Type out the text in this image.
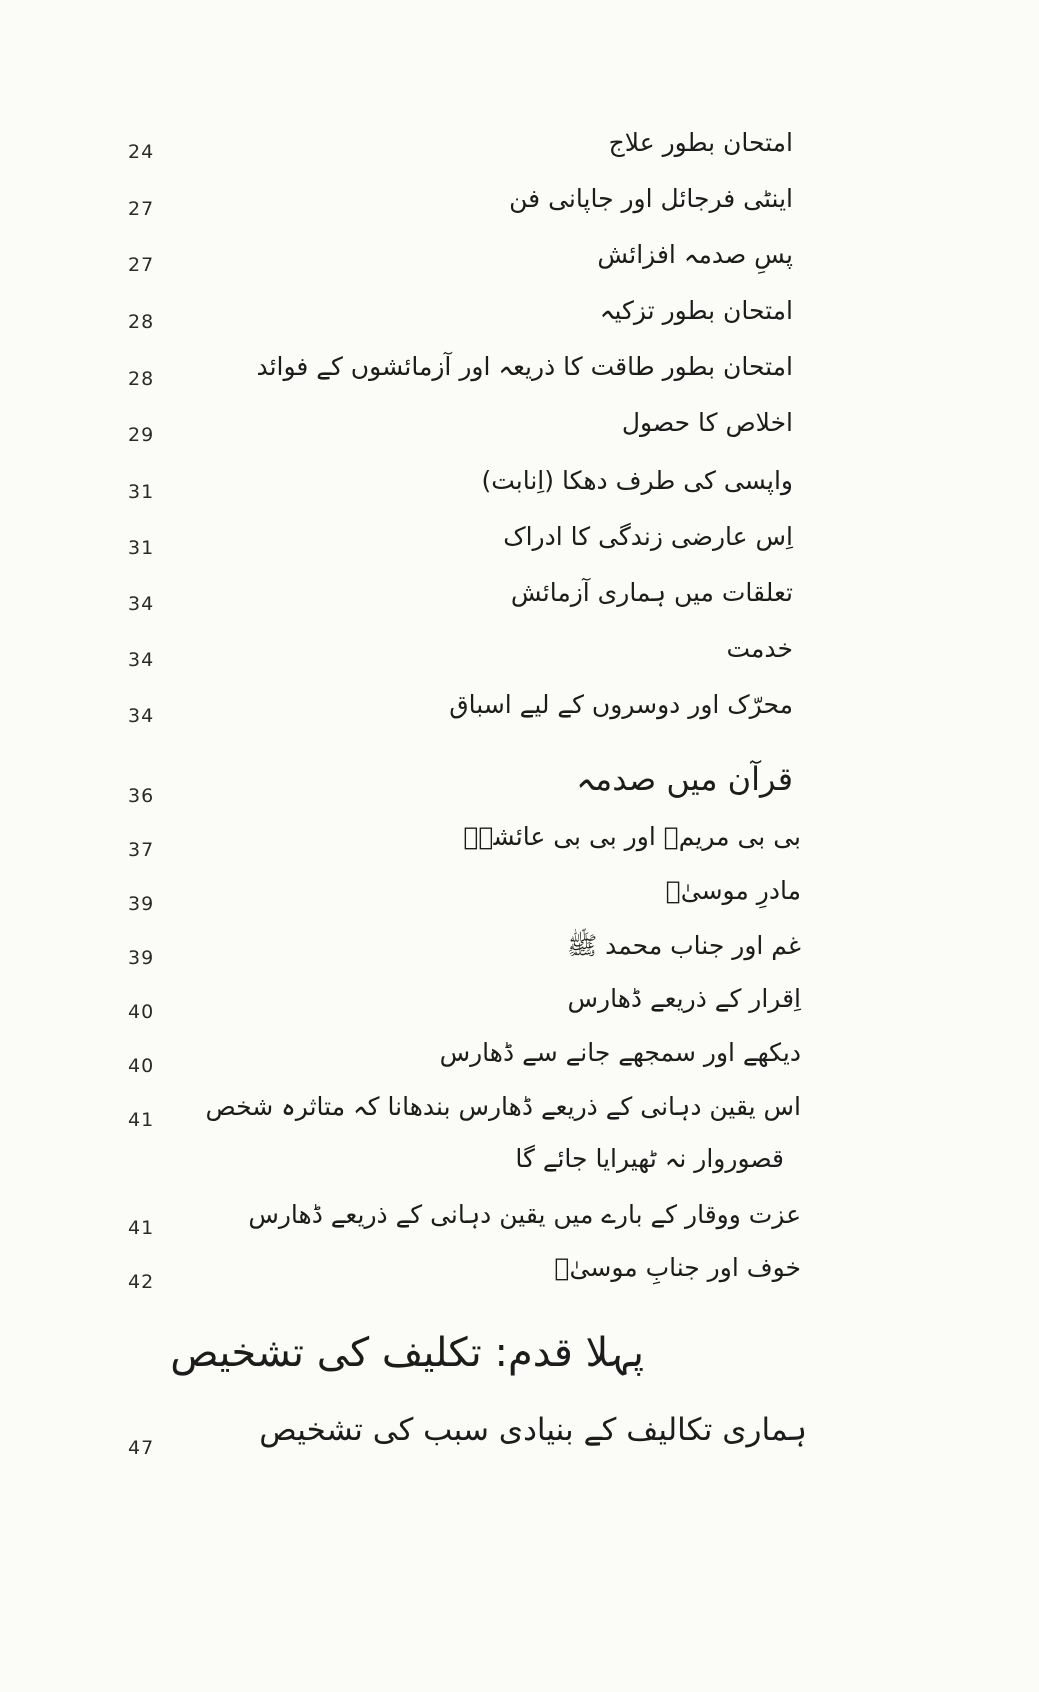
24	امتحان بطور علاج
27	اینٹی فرجائل اور جاپانی فن
27	پسِ صدمہ افزائش
28	امتحان بطور تزکیہ
28	امتحان بطور طاقت کا ذریعہ اور آزمائشوں کے فوائد
29	اخلاص کا حصول
31	واپسی کی طرف دھکا (اِنابت)
31	اِس عارضی زندگی کا ادراک
34	تعلقات میں ہماری آزمائش
34	خدمت
34	محرّک اور دوسروں کے لیے اسباق
36	قرآن میں صدمہ
37	بی بی مریمؑ اور بی بی عائشہؓ
39	مادرِ موسیٰؑ
39	غم اور جناب محمد ﷺ
40	اِقرار کے ذریعے ڈھارس
40	دیکھے اور سمجھے جانے سے ڈھارس
41	اس یقین دہانی کے ذریعے ڈھارس بندھانا کہ متاثرہ شخص
قصوروار نہ ٹھیرایا جائے گا
41	عزت ووقار کے بارے میں یقین دہانی کے ذریعے ڈھارس
42	خوف اور جنابِ موسیٰؑ
پہلا قدم: تکلیف کی تشخیص
47	ہماری تکالیف کے بنیادی سبب کی تشخیص
